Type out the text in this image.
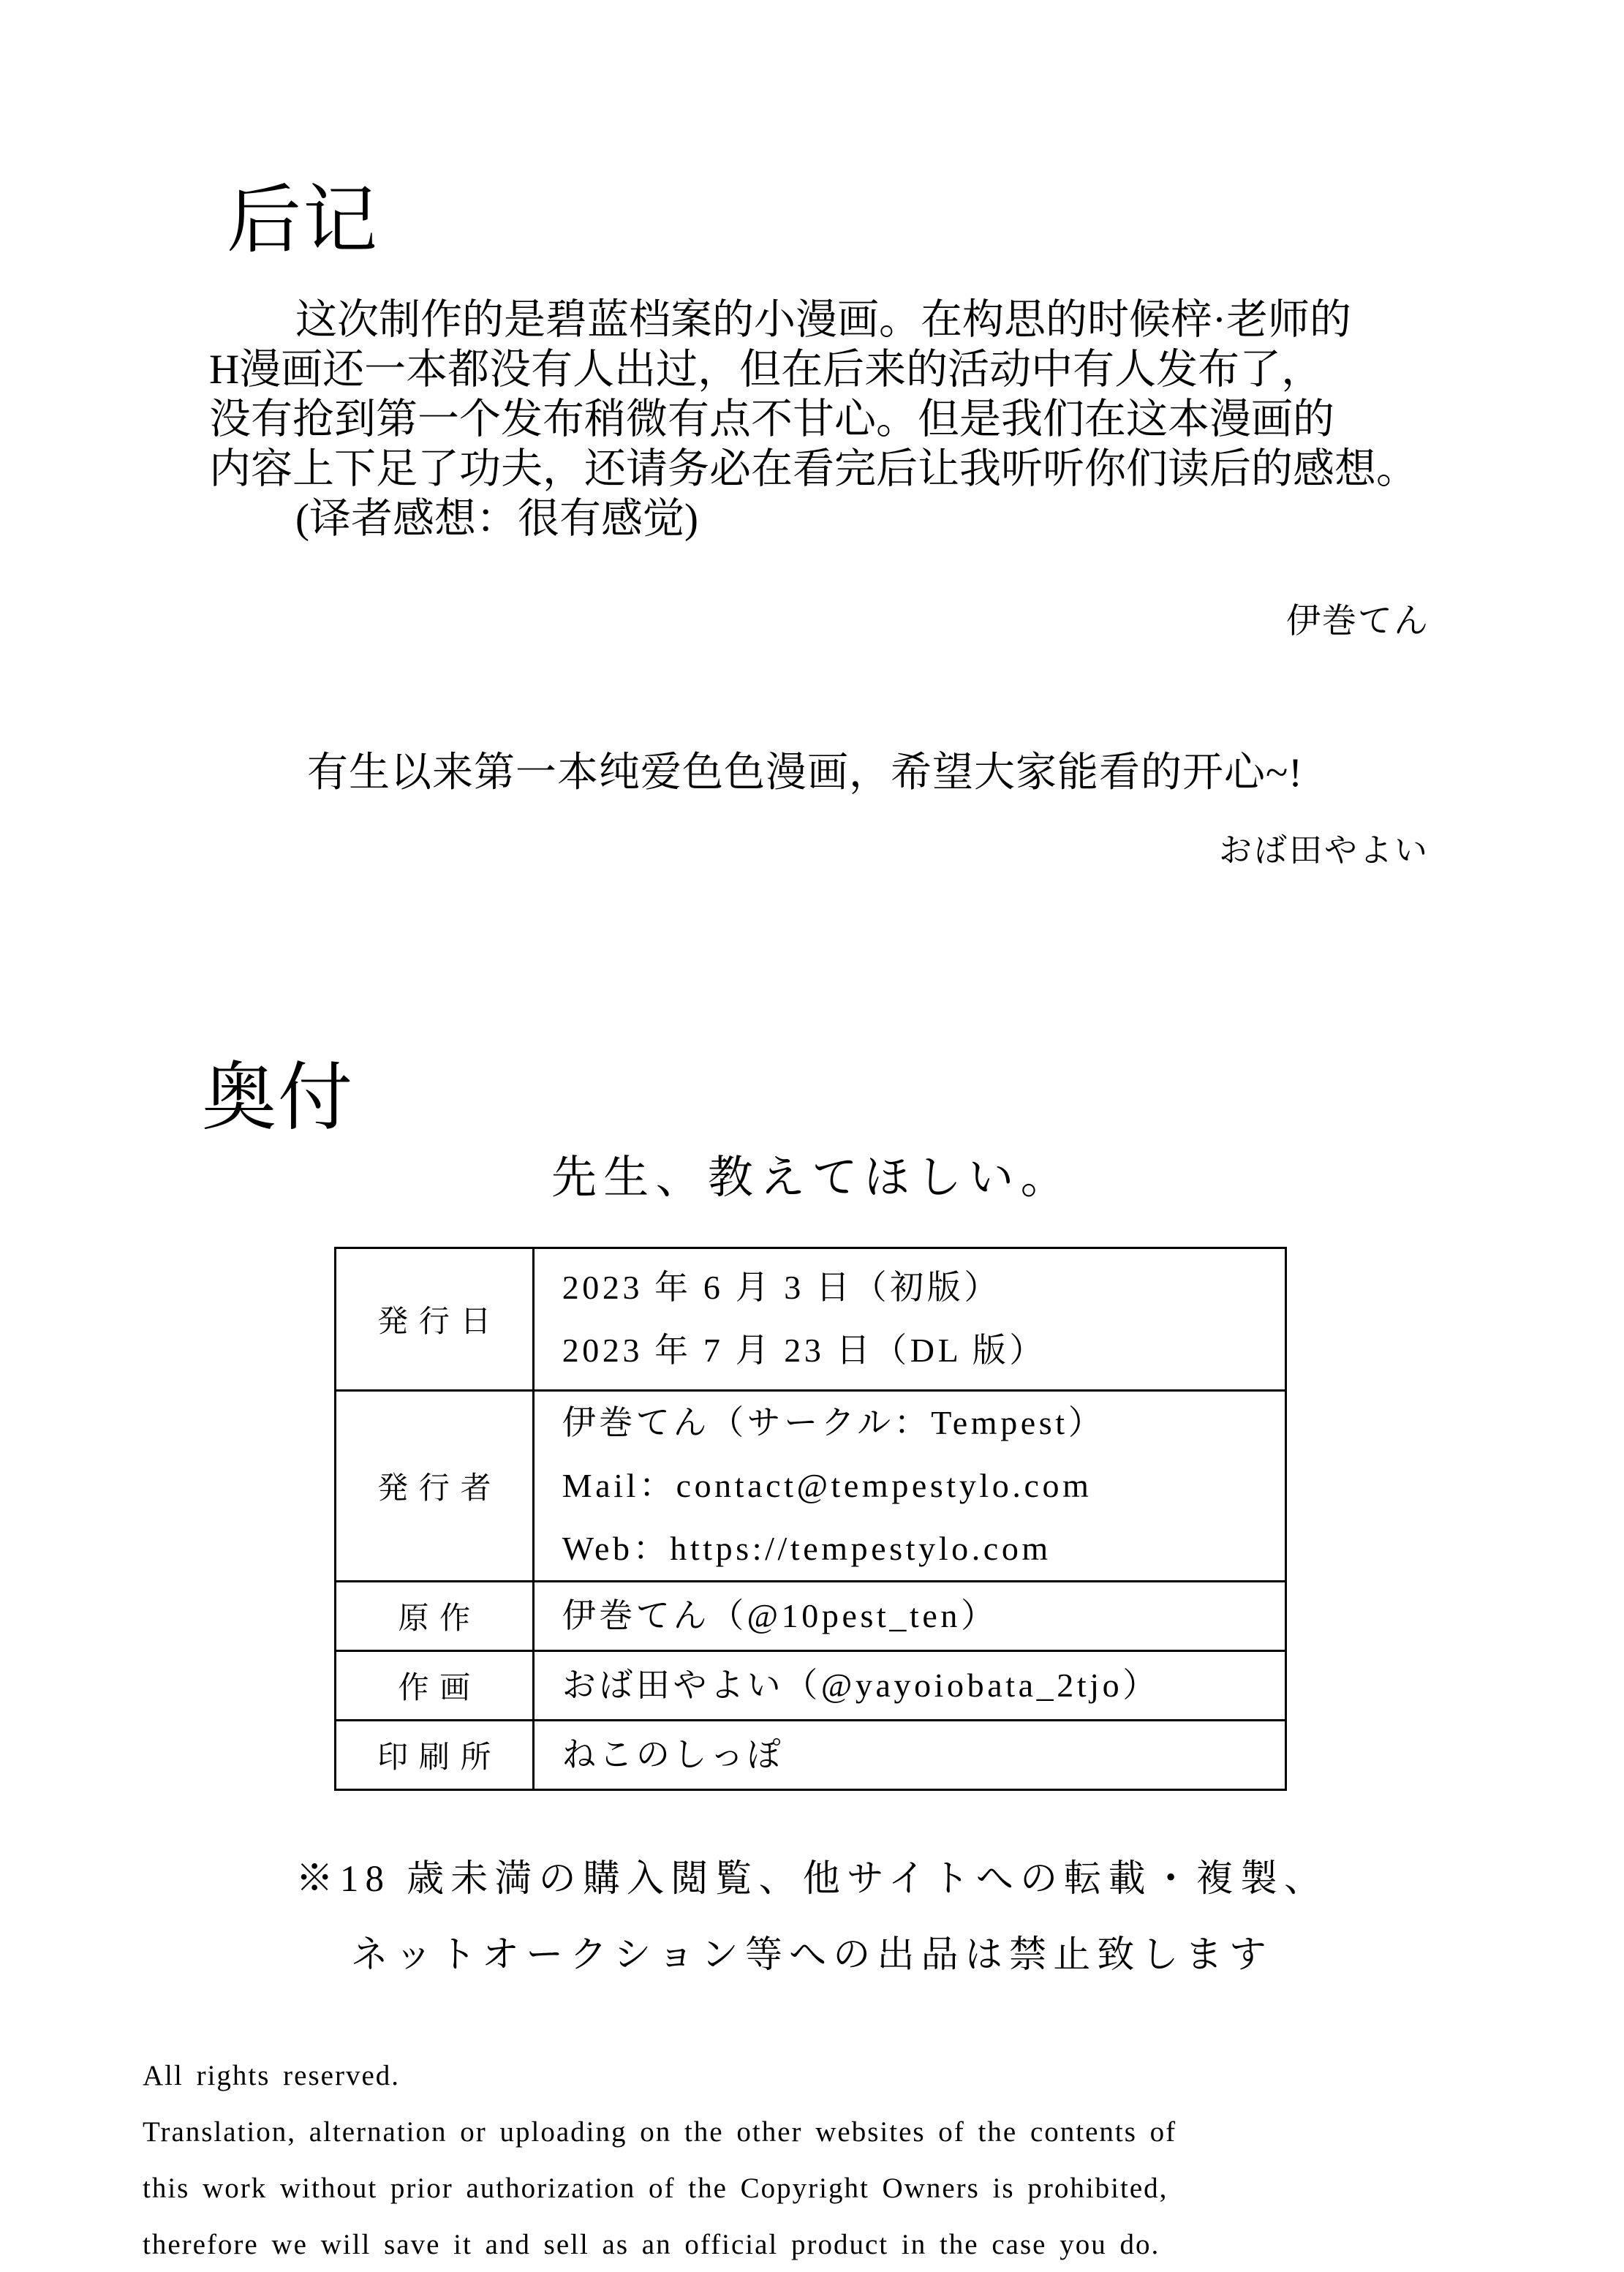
后记
这次制作的是碧蓝档案的小漫画。在构思的时候梓·老师的
H漫画还一本都没有人出过，但在后来的活动中有人发布了，
没有抢到第一个发布稍微有点不甘心。但是我们在这本漫画的
内容上下足了功夫，还请务必在看完后让我听听你们读后的感想。
(译者感想：很有感觉)
伊巻てん
有生以来第一本纯爱色色漫画，希望大家能看的开心~!
おば田やよい
奥付
先生、教えてほしい。
発行日	2023 年 6 月 3 日（初版）
2023 年 7 月 23 日（DL 版）

発行者	伊巻てん（サークル：Tempest）
Mail：contact@tempestylo.com
Web：https://tempestylo.com

原作	伊巻てん（@10pest_ten）

作画	おば田やよい（@yayoiobata_2tjo）

印刷所	ねこのしっぽ
※18 歳未満の購入閲覧、他サイトへの転載・複製、
ネットオークション等への出品は禁止致します
All rights reserved.
Translation, alternation or uploading on the other websites of the contents of
this work without prior authorization of the Copyright Owners is prohibited,
therefore we will save it and sell as an official product in the case you do.
